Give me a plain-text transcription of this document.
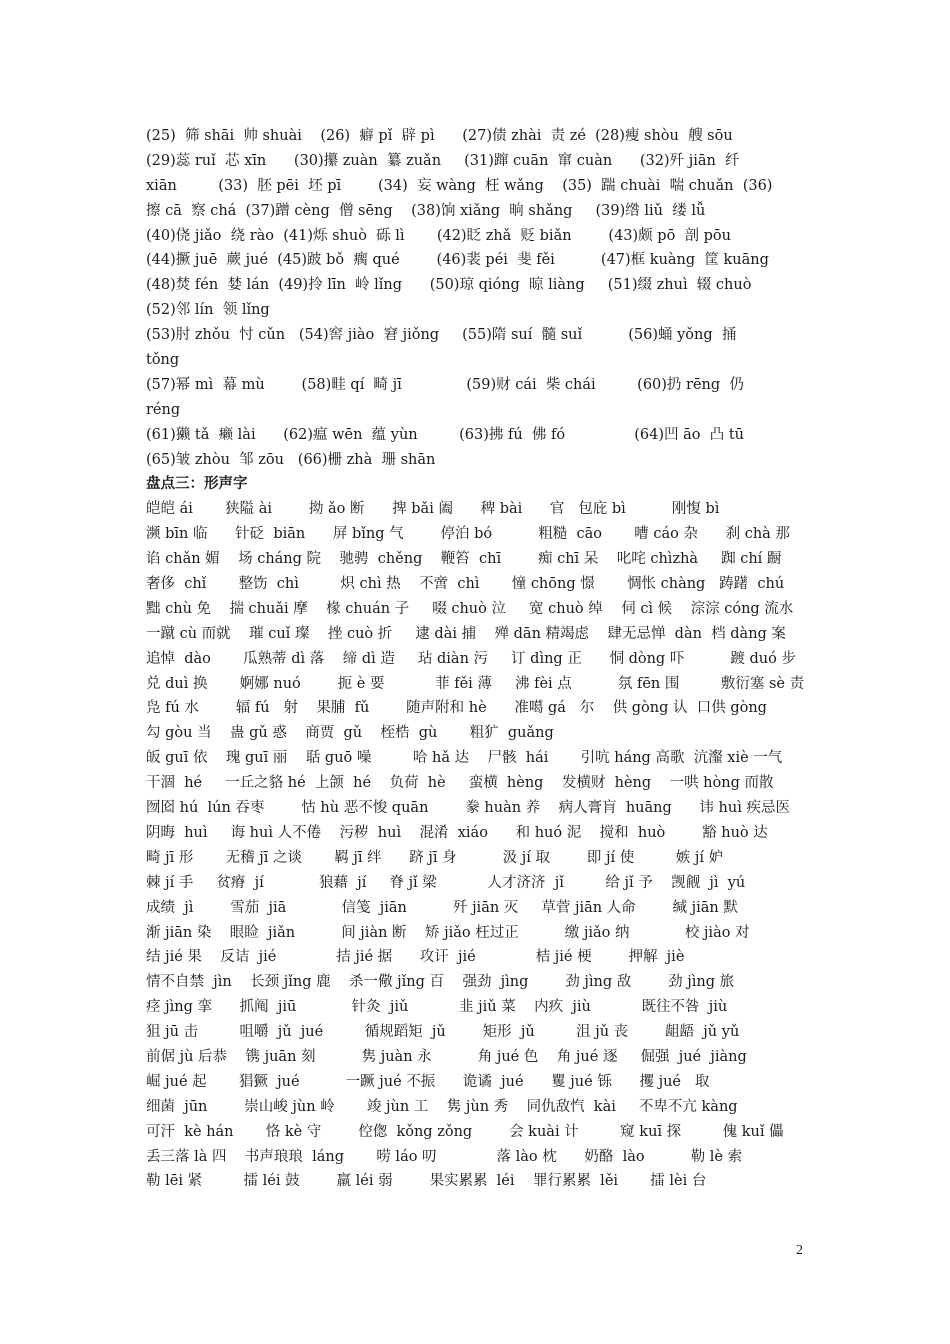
(25)  筛 shāi  帅 shuài    (26)  癖 pǐ  辟 pì      (27)债 zhài  责 zé  (28)瘦 shòu  艘 sōu
(29)蕊 ruǐ  芯 xīn      (30)攥 zuàn  纂 zuǎn     (31)蹿 cuān  窜 cuàn      (32)歼 jiān  纤
xiān         (33)  胚 pēi  坯 pī        (34)  妄 wàng  枉 wǎng    (35)  踹 chuài  喘 chuǎn  (36)
擦 cā  察 chá  (37)蹭 cèng  僧 sēng    (38)饷 xiǎng  晌 shǎng     (39)绺 liǔ  缕 lǚ
(40)侥 jiǎo  绕 rào  (41)烁 shuò  砾 lì       (42)眨 zhǎ  贬 biǎn        (43)颇 pō  剖 pōu
(44)撅 juē  蕨 jué  (45)跛 bǒ  瘸 qué        (46)裴 péi  斐 fěi          (47)框 kuàng  筐 kuāng
(48)焚 fén  婪 lán  (49)拎 līn  岭 lǐng      (50)琼 qióng  晾 liàng     (51)缀 zhuì  辍 chuò
(52)邻 lín  领 lǐng
(53)肘 zhǒu  忖 cǔn   (54)窖 jiào  窘 jiǒng     (55)隋 suí  髓 suǐ          (56)蛹 yǒng  捅
tǒng
(57)幂 mì  幕 mù        (58)畦 qí  畸 jī              (59)财 cái  柴 chái         (60)扔 rēng  仍
réng
(61)獭 tǎ  癞 lài      (62)瘟 wēn  蕴 yùn         (63)拂 fú  佛 fó               (64)凹 āo  凸 tū
(65)皱 zhòu  邹 zōu   (66)栅 zhà  珊 shān
盘点三：形声字
皑皑 ái       狭隘 ài        拗 ǎo 断      捭 bǎi 阖      稗 bài      官   包庇 bì          刚愎 bì
濒 bīn 临      针砭  biān      屏 bǐng 气        停泊 bó          粗糙  cāo       嘈 cáo 杂      刹 chà 那
谄 chǎn 媚    场 cháng 院    驰骋  chěng    鞭笞  chī        痴 chī 呆    叱咤 chìzhà     踟 chí 蹰
奢侈  chǐ       整饬  chì         炽 chì 热    不啻  chì       憧 chōng 憬       惆怅 chàng   踌躇  chú
黜 chù 免    揣 chuǎi 摩    椽 chuán 子     啜 chuò 泣     宽 chuò 绰    伺 cì 候    淙淙 cóng 流水
一蹴 cù 而就    璀 cuǐ 璨    挫 cuò 折     逮 dài 捕    殚 dān 精竭虑    肆无忌惮  dàn  档 dàng 案
追悼  dào       瓜熟蒂 dì 落    缔 dì 造     玷 diàn 污     订 dìng 正      恫 dòng 吓          踱 duó 步
兑 duì 换       婀娜 nuó        扼 è 要           菲 fěi 薄     沸 fèi 点          氛 fēn 围         敷衍塞 sè 责
凫 fú 水        辐 fú   射    果脯  fǔ        随声附和 hè      准噶 gá   尔    供 gòng 认  口供 gòng
勾 gòu 当    蛊 gǔ 惑    商贾  gǔ    桎梏  gù       粗犷  guǎng
皈 guī 依    瑰 guī 丽    聒 guō 噪         哈 hǎ 达    尸骸  hái       引吭 háng 高歌  沆瀣 xiè 一气
干涸  hé     一丘之貉 hé  上颌  hé    负荷  hè     蛮横  hèng    发横财  hèng    一哄 hòng 而散
囫囵 hú  lún 吞枣        怙 hù 恶不悛 quān        豢 huàn 养    病人膏肓  huāng      讳 huì 疾忌医
阴晦  huì     诲 huì 人不倦    污秽  huì    混淆  xiáo      和 huó 泥    搅和  huò        豁 huò 达
畸 jī 形       无稽 jī 之谈       羁 jī 绊      跻 jī 身          汲 jí 取        即 jí 使         嫉 jí 妒
棘 jí 手     贫瘠  jí            狼藉  jí     脊 jǐ 梁           人才济济  jǐ         给 jǐ 予    觊觎  jì  yú
成绩  jì        雪茄  jiā            信笺  jiān          歼 jiān 灭     草菅 jiān 人命        缄 jiān 默
渐 jiān 染    眼睑  jiǎn          间 jiàn 断    矫 jiǎo 枉过正          缴 jiǎo 纳            校 jiào 对
结 jié 果    反诘  jié             拮 jié 据      攻讦  jié             桔 jié 梗        押解  jiè
情不自禁  jìn    长颈 jǐng 鹿    杀一儆 jǐng 百    强劲  jìng        劲 jìng 敌        劲 jìng 旅
痉 jìng 挛      抓阄  jiū            针灸  jiǔ           韭 jiǔ 菜    内疚  jiù           既往不咎  jiù
狙 jū 击         咀嚼  jǔ  jué         循规蹈矩  jǔ        矩形  jǔ         沮 jǔ 丧        龃龉  jǔ yǔ
前倨 jù 后恭    镌 juān 刻          隽 juàn 永          角 jué 色    角 jué 逐     倔强  jué  jiàng
崛 jué 起       猖獗  jué          一蹶 jué 不振      诡谲  jué      矍 jué 铄      攫 jué   取
细菌  jūn        崇山峻 jùn 岭       竣 jùn 工    隽 jùn 秀    同仇敌忾  kài     不卑不亢 kàng
可汗  kè hán       恪 kè 守        倥偬  kǒng zǒng        会 kuài 计         窥 kuī 探         傀 kuǐ 儡
丢三落 là 四    书声琅琅  láng       唠 láo 叨             落 lào 枕      奶酪  lào          勒 lè 索
勒 lēi 紧         擂 léi 鼓        羸 léi 弱        果实累累  léi    罪行累累  lěi       擂 lèi 台
2
